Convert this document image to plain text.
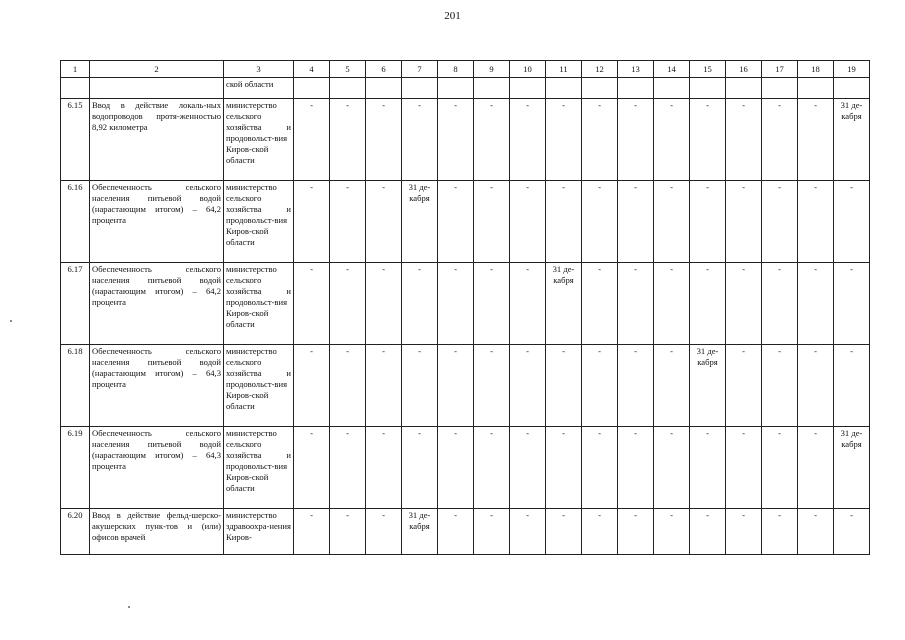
201
1	2	3	4	5	6	7	8	9	10	11	12	13	14	15	16	17	18	19
		ской области																
6.15	Ввод в действие локаль-ных водопроводов протя-женностью 8,92 километра	министерство сельского хозяйства и продовольст-вия Киров-ской области	-	-	-	-	-	-	-	-	-	-	-	-	-	-	-	31 де-кабря

6.16	Обеспеченность сельского населения питьевой водой (нарастающим итогом) – 64,2 процента	министерство сельского хозяйства и продовольст-вия Киров-ской области	-	-	-	31 де-кабря	-	-	-	-	-	-	-	-	-	-	-	-

6.17	Обеспеченность сельского населения питьевой водой (нарастающим итогом) – 64,2 процента	министерство сельского хозяйства и продовольст-вия Киров-ской области	-	-	-	-	-	-	-	31 де-кабря	-	-	-	-	-	-	-	-

6.18	Обеспеченность сельского населения питьевой водой (нарастающим итогом) – 64,3 процента	министерство сельского хозяйства и продовольст-вия Киров-ской области	-	-	-	-	-	-	-	-	-	-	-	31 де-кабря	-	-	-	-

6.19	Обеспеченность сельского населения питьевой водой (нарастающим итогом) – 64,3 процента	министерство сельского хозяйства и продовольст-вия Киров-ской области	-	-	-	-	-	-	-	-	-	-	-	-	-	-	-	31 де-кабря

6.20	Ввод в действие фельд-шерско-акушерских пунк-тов и (или) офисов врачей	министерство здравоохра-нения Киров-	-	-	-	31 де-кабря	-	-	-	-	-	-	-	-	-	-	-	-
